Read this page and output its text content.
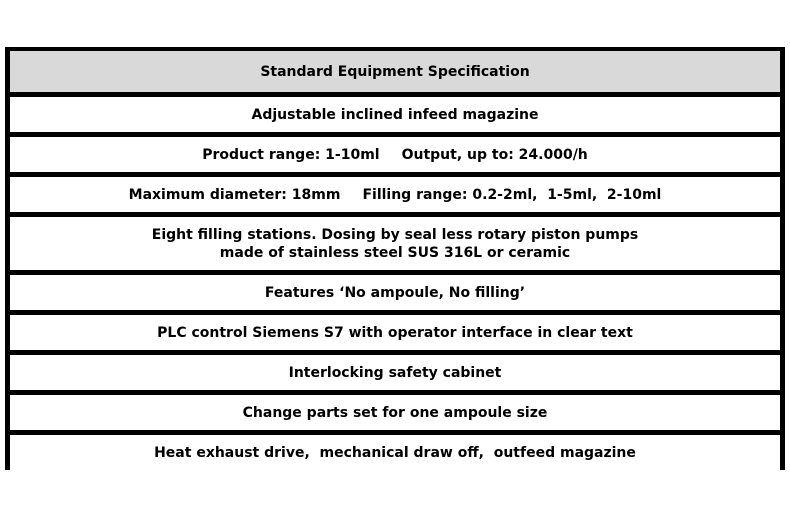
Standard Equipment Specification
Adjustable inclined infeed magazine
Product range: 1-10ml Output, up to: 24.000/h
Maximum diameter: 18mm Filling range: 0.2-2ml,  1-5ml,  2-10ml
Eight filling stations. Dosing by seal less rotary piston pumps
made of stainless steel SUS 316L or ceramic
Features ‘No ampoule, No filling’
PLC control Siemens S7 with operator interface in clear text
Interlocking safety cabinet
Change parts set for one ampoule size
Heat exhaust drive,  mechanical draw off,  outfeed magazine
